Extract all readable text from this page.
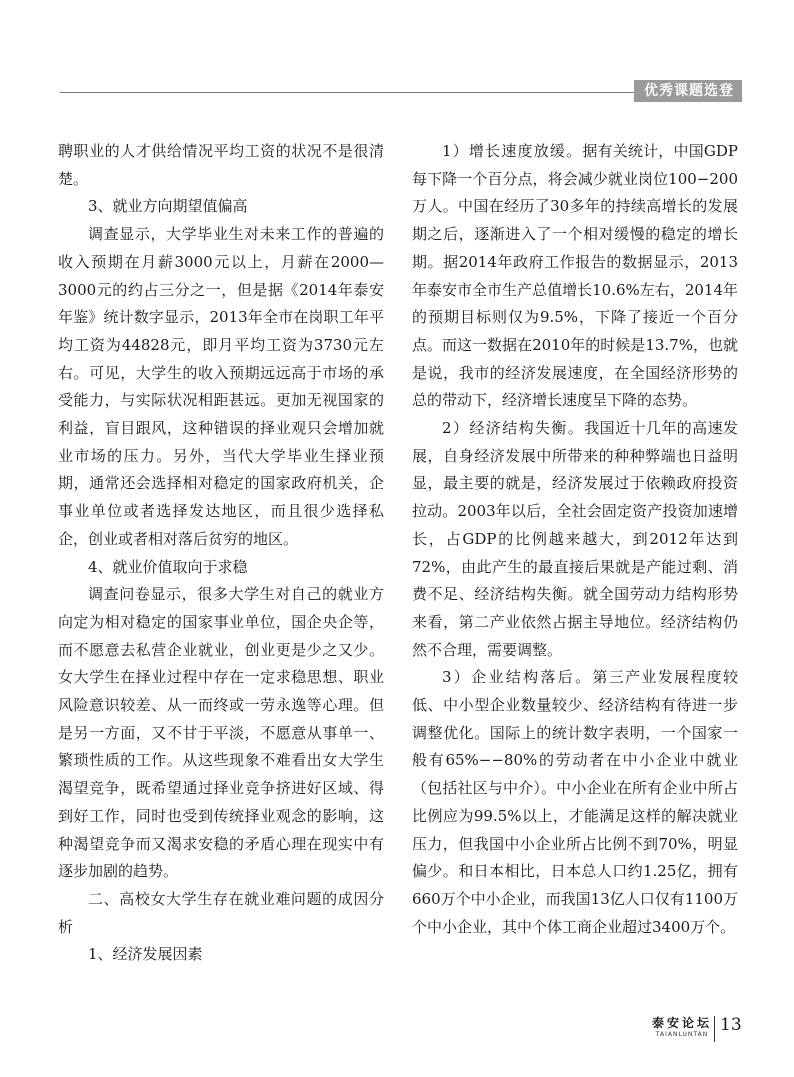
优秀课题选登

聘职业的人才供给情况平均工资的状况不是很清楚。

3、就业方向期望值偏高

调查显示，大学毕业生对未来工作的普遍的收入预期在月薪3000元以上，月薪在2000—3000元的约占三分之一，但是据《2014年泰安年鉴》统计数字显示，2013年全市在岗职工年平均工资为44828元，即月平均工资为3730元左右。可见，大学生的收入预期远远高于市场的承受能力，与实际状况相距甚远。更加无视国家的利益，盲目跟风，这种错误的择业观只会增加就业市场的压力。另外，当代大学毕业生择业预期，通常还会选择相对稳定的国家政府机关，企事业单位或者选择发达地区，而且很少选择私企，创业或者相对落后贫穷的地区。

4、就业价值取向于求稳

调查问卷显示，很多大学生对自己的就业方向定为相对稳定的国家事业单位，国企央企等，而不愿意去私营企业就业，创业更是少之又少。女大学生在择业过程中存在一定求稳思想、职业风险意识较差、从一而终或一劳永逸等心理。但是另一方面，又不甘于平淡，不愿意从事单一、繁琐性质的工作。从这些现象不难看出女大学生渴望竞争，既希望通过择业竞争挤进好区域、得到好工作，同时也受到传统择业观念的影响，这种渴望竞争而又渴求安稳的矛盾心理在现实中有逐步加剧的趋势。

二、高校女大学生存在就业难问题的成因分析

1、经济发展因素

1）增长速度放缓。据有关统计，中国GDP每下降一个百分点，将会减少就业岗位100−200万人。中国在经历了30多年的持续高增长的发展期之后，逐渐进入了一个相对缓慢的稳定的增长期。据2014年政府工作报告的数据显示，2013年泰安市全市生产总值增长10.6%左右，2014年的预期目标则仅为9.5%，下降了接近一个百分点。而这一数据在2010年的时候是13.7%，也就是说，我市的经济发展速度，在全国经济形势的总的带动下，经济增长速度呈下降的态势。

2）经济结构失衡。我国近十几年的高速发展，自身经济发展中所带来的种种弊端也日益明显，最主要的就是，经济发展过于依赖政府投资拉动。2003年以后，全社会固定资产投资加速增长，占GDP的比例越来越大，到2012年达到72%，由此产生的最直接后果就是产能过剩、消费不足、经济结构失衡。就全国劳动力结构形势来看，第二产业依然占据主导地位。经济结构仍然不合理，需要调整。

3）企业结构落后。第三产业发展程度较低、中小型企业数量较少、经济结构有待进一步调整优化。国际上的统计数字表明，一个国家一般有65%−−80%的劳动者在中小企业中就业（包括社区与中介）。中小企业在所有企业中所占比例应为99.5%以上，才能满足这样的解决就业压力，但我国中小企业所占比例不到70%，明显偏少。和日本相比，日本总人口约1.25亿，拥有660万个中小企业，而我国13亿人口仅有1100万个中小企业，其中个体工商企业超过3400万个。

泰安论坛
TAIANLUNTAN 13
